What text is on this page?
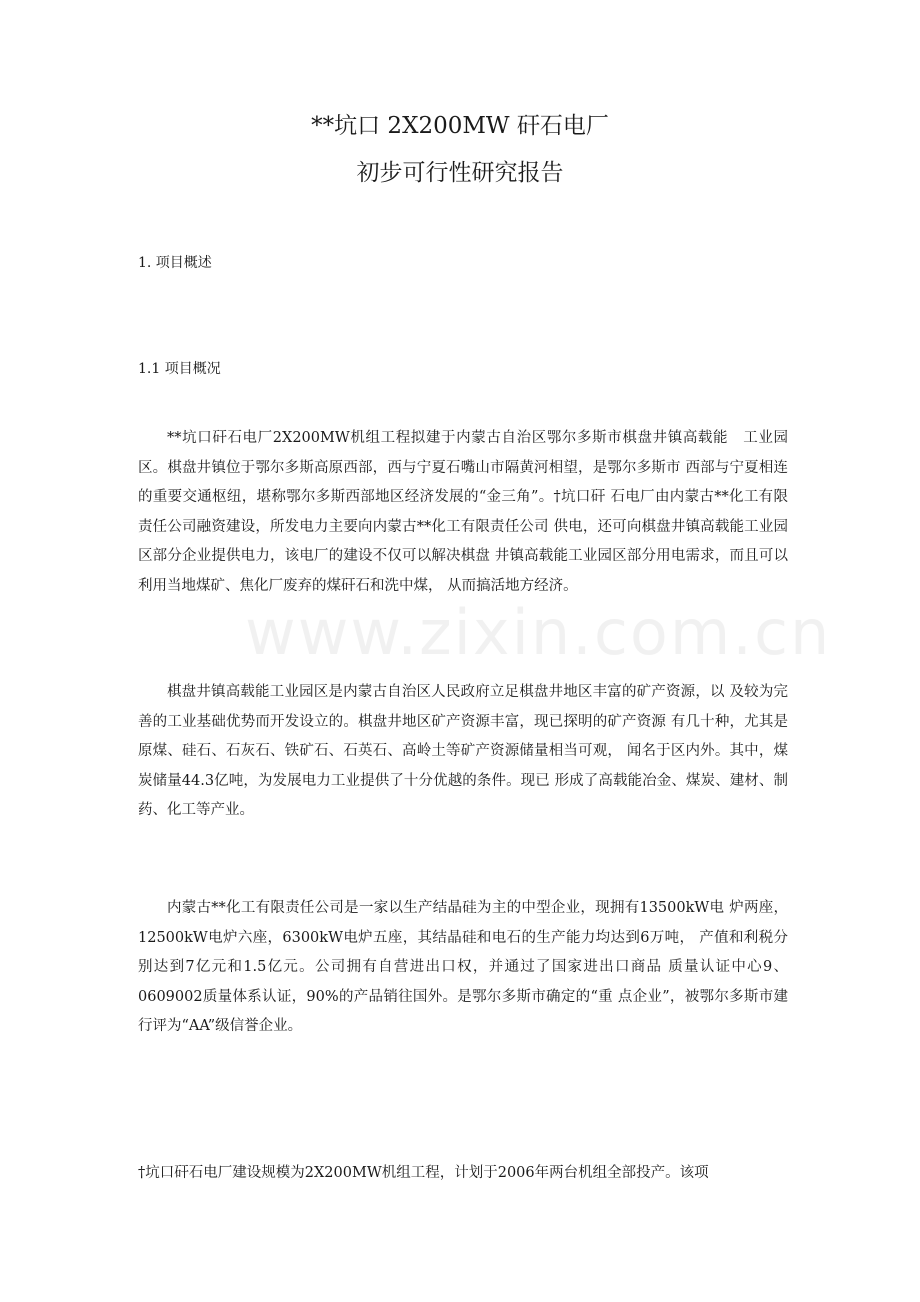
www.zixin.com.cn
**坑口 2X200MW 矸石电厂
初步可行性研究报告
1. 项目概述
1.1 项目概况

**坑口矸石电厂2X200MW机组工程拟建于内蒙古自治区鄂尔多斯市棋盘井镇高载能　工业园区。棋盘井镇位于鄂尔多斯高原西部，西与宁夏石嘴山市隔黄河相望，是鄂尔多斯市 西部与宁夏相连的重要交通枢纽，堪称鄂尔多斯西部地区经济发展的“金三角”。†坑口矸 石电厂由内蒙古**化工有限责任公司融资建设，所发电力主要向内蒙古**化工有限责任公司 供电，还可向棋盘井镇高载能工业园区部分企业提供电力，该电厂的建设不仅可以解决棋盘 井镇高载能工业园区部分用电需求，而且可以利用当地煤矿、焦化厂废弃的煤矸石和洗中煤， 从而搞活地方经济。

棋盘井镇高载能工业园区是内蒙古自治区人民政府立足棋盘井地区丰富的矿产资源，以 及较为完善的工业基础优势而开发设立的。棋盘井地区矿产资源丰富，现已探明的矿产资源 有几十种，尤其是原煤、硅石、石灰石、铁矿石、石英石、高岭土等矿产资源储量相当可观， 闻名于区内外。其中，煤炭储量44.3亿吨，为发展电力工业提供了十分优越的条件。现已 形成了高载能冶金、煤炭、建材、制药、化工等产业。

内蒙古**化工有限责任公司是一家以生产结晶硅为主的中型企业，现拥有13500kW电 炉两座，12500kW电炉六座，6300kW电炉五座，其结晶硅和电石的生产能力均达到6万吨， 产值和利税分别达到7亿元和1.5亿元。公司拥有自营进出口权，并通过了国家进出口商品 质量认证中心9、0609002质量体系认证，90%的产品销往国外。是鄂尔多斯市确定的“重 点企业”，被鄂尔多斯市建行评为“AA”级信誉企业。

†坑口矸石电厂建设规模为2X200MW机组工程，计划于2006年两台机组全部投产。该项
